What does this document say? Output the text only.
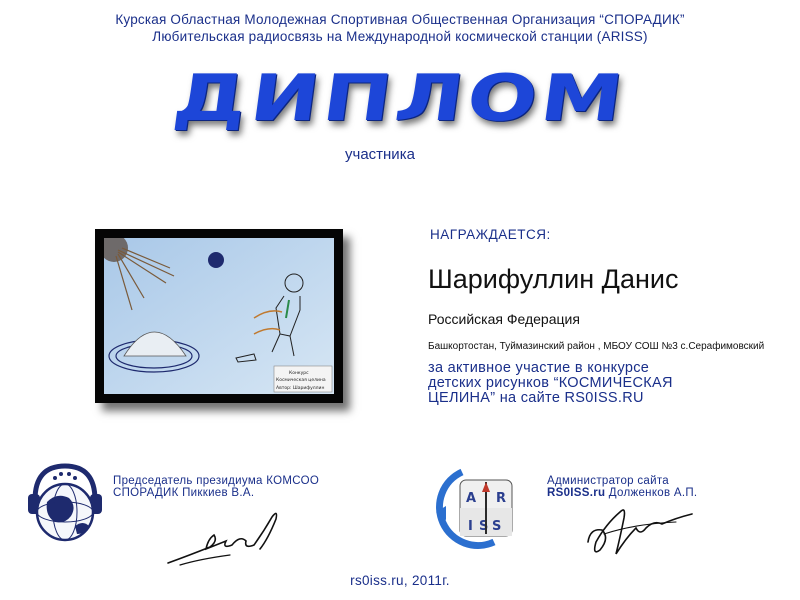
Курская Областная Молодежная Спортивная Общественная Организация “СПОРАДИК”
Любительская радиосвязь на Международной космической станции (ARISS)
ДИПЛОМ
участника
Конкурс
Космическая целина
Автор: Шарифуллин
НАГРАЖДАЕТСЯ:
Шарифуллин Данис
Российская Федерация
Башкортостан, Туймазинский район , МБОУ СОШ №3 с.Серафимовский
за активное участие в конкурсе
детских рисунков “КОСМИЧЕСКАЯ
ЦЕЛИНА” на сайте RS0ISS.RU
Председатель президиума КОМСОО
СПОРАДИК Пиккиев В.А.	A R
I S S
Администратор сайта
RS0ISS.ru Долженков А.П.
rs0iss.ru, 2011г.
